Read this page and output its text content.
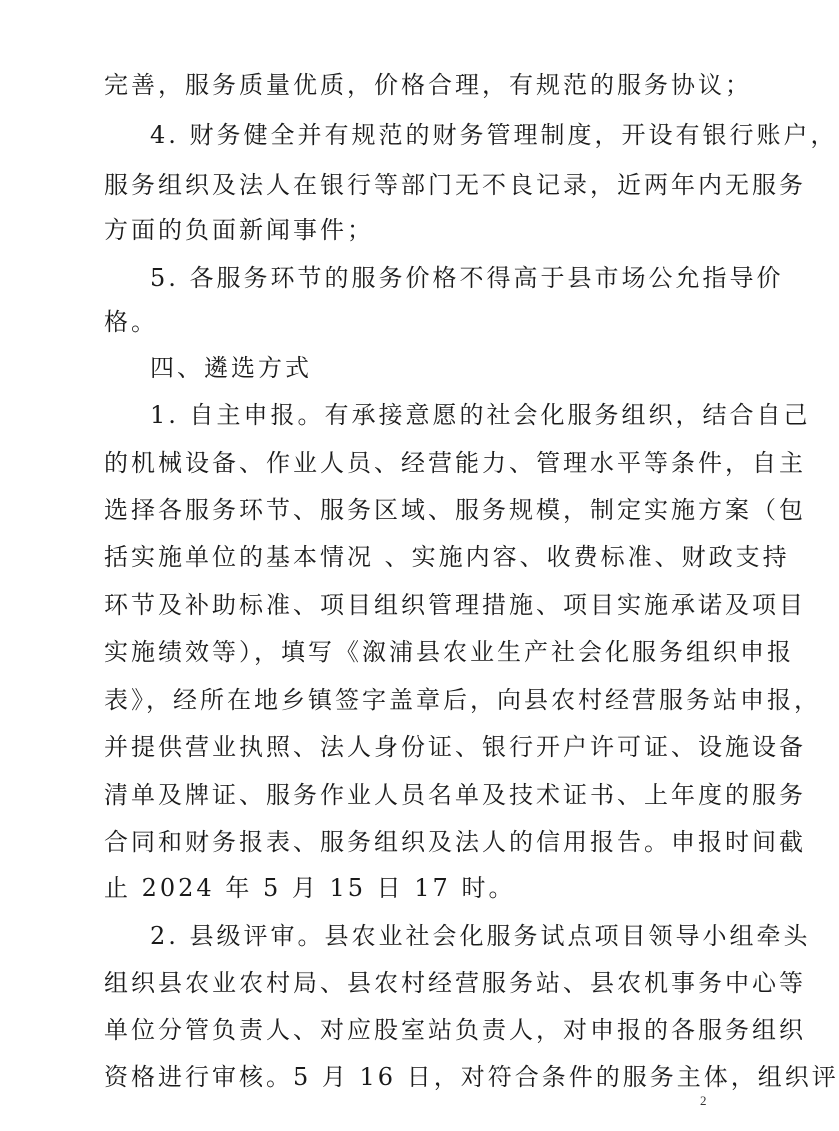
完善，服务质量优质，价格合理，有规范的服务协议；

4. 财务健全并有规范的财务管理制度，开设有银行账户，

服务组织及法人在银行等部门无不良记录，近两年内无服务

方面的负面新闻事件；

5. 各服务环节的服务价格不得高于县市场公允指导价

格。

四、遴选方式

1. 自主申报。有承接意愿的社会化服务组织，结合自己

的机械设备、作业人员、经营能力、管理水平等条件，自主

选择各服务环节、服务区域、服务规模，制定实施方案（包

括实施单位的基本情况 、实施内容、收费标准、财政支持

环节及补助标准、项目组织管理措施、项目实施承诺及项目

实施绩效等），填写《溆浦县农业生产社会化服务组织申报

表》，经所在地乡镇签字盖章后，向县农村经营服务站申报，

并提供营业执照、法人身份证、银行开户许可证、设施设备

清单及牌证、服务作业人员名单及技术证书、上年度的服务

合同和财务报表、服务组织及法人的信用报告。申报时间截

止 2024 年 5 月 15 日 17 时。

2. 县级评审。县农业社会化服务试点项目领导小组牵头

组织县农业农村局、县农村经营服务站、县农机事务中心等

单位分管负责人、对应股室站负责人，对申报的各服务组织

资格进行审核。5 月 16 日，对符合条件的服务主体，组织评

2
